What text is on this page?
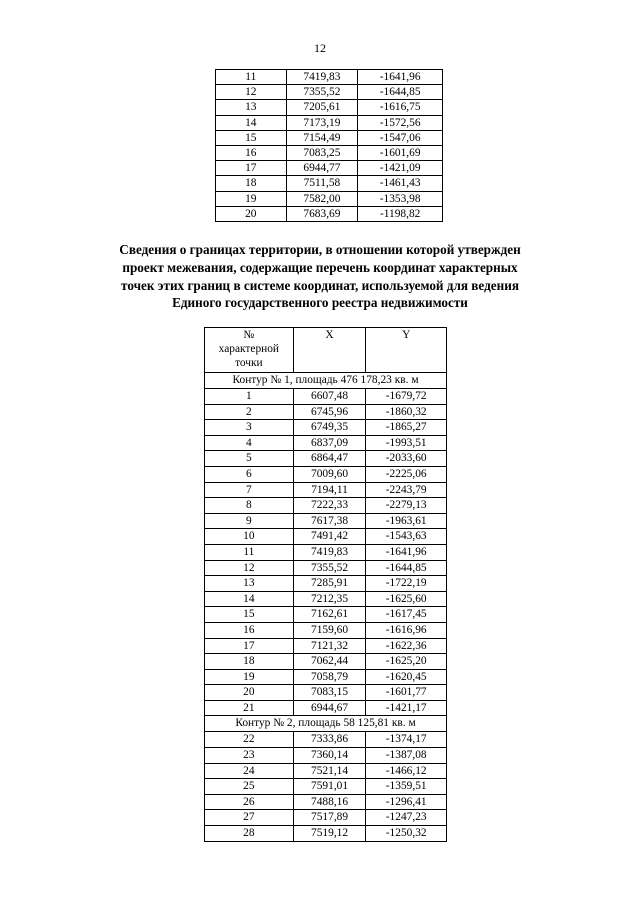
12
11	7419,83	-1641,96
12	7355,52	-1644,85
13	7205,61	-1616,75
14	7173,19	-1572,56
15	7154,49	-1547,06
16	7083,25	-1601,69
17	6944,77	-1421,09
18	7511,58	-1461,43
19	7582,00	-1353,98
20	7683,69	-1198,82
Сведения о границах территории, в отношении которой утвержден
проект межевания, содержащие перечень координат характерных
точек этих границ в системе координат, используемой для ведения
Единого государственного реестра недвижимости
№
характерной
точки	X	Y
Контур № 1, площадь 476 178,23 кв. м		
1	6607,48	-1679,72
2	6745,96	-1860,32
3	6749,35	-1865,27
4	6837,09	-1993,51
5	6864,47	-2033,60
6	7009,60	-2225,06
7	7194,11	-2243,79
8	7222,33	-2279,13
9	7617,38	-1963,61
10	7491,42	-1543,63
11	7419,83	-1641,96
12	7355,52	-1644,85
13	7285,91	-1722,19
14	7212,35	-1625,60
15	7162,61	-1617,45
16	7159,60	-1616,96
17	7121,32	-1622,36
18	7062,44	-1625,20
19	7058,79	-1620,45
20	7083,15	-1601,77
21	6944,67	-1421,17
Контур № 2, площадь 58 125,81 кв. м		
22	7333,86	-1374,17
23	7360,14	-1387,08
24	7521,14	-1466,12
25	7591,01	-1359,51
26	7488,16	-1296,41
27	7517,89	-1247,23
28	7519,12	-1250,32
